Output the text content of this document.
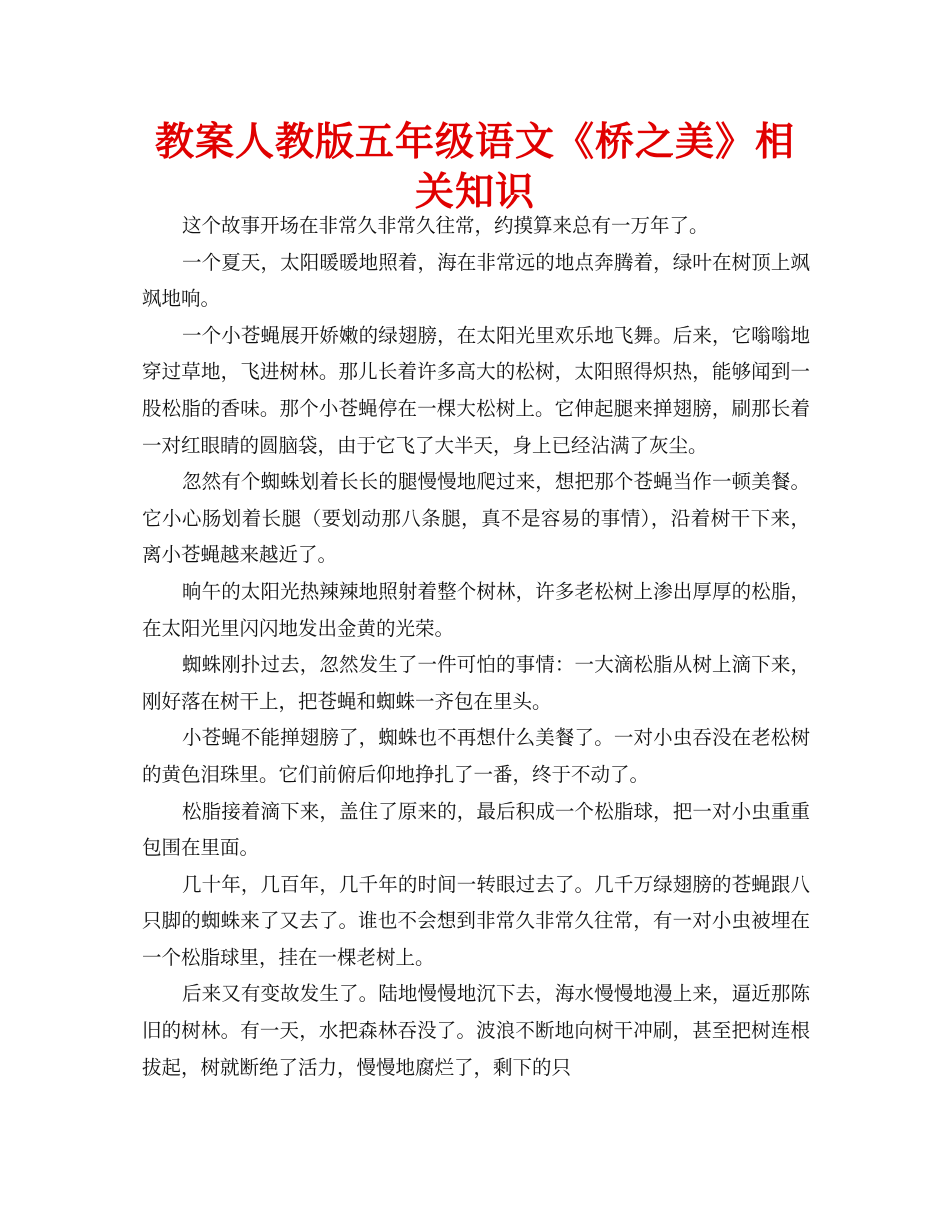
教案人教版五年级语文《桥之美》相关知识

这个故事开场在非常久非常久往常，约摸算来总有一万年了。

一个夏天，太阳暖暖地照着，海在非常远的地点奔腾着，绿叶在树顶上飒飒地响。

一个小苍蝇展开娇嫩的绿翅膀，在太阳光里欢乐地飞舞。后来，它嗡嗡地穿过草地，飞进树林。那儿长着许多高大的松树，太阳照得炽热，能够闻到一股松脂的香味。那个小苍蝇停在一棵大松树上。它伸起腿来掸翅膀，刷那长着一对红眼睛的圆脑袋，由于它飞了大半天，身上已经沾满了灰尘。

忽然有个蜘蛛划着长长的腿慢慢地爬过来，想把那个苍蝇当作一顿美餐。它小心肠划着长腿（要划动那八条腿，真不是容易的事情），沿着树干下来，离小苍蝇越来越近了。

晌午的太阳光热辣辣地照射着整个树林，许多老松树上渗出厚厚的松脂，在太阳光里闪闪地发出金黄的光荣。

蜘蛛刚扑过去，忽然发生了一件可怕的事情：一大滴松脂从树上滴下来，刚好落在树干上，把苍蝇和蜘蛛一齐包在里头。

小苍蝇不能掸翅膀了，蜘蛛也不再想什么美餐了。一对小虫吞没在老松树的黄色泪珠里。它们前俯后仰地挣扎了一番，终于不动了。

松脂接着滴下来，盖住了原来的，最后积成一个松脂球，把一对小虫重重包围在里面。

几十年，几百年，几千年的时间一转眼过去了。几千万绿翅膀的苍蝇跟八只脚的蜘蛛来了又去了。谁也不会想到非常久非常久往常，有一对小虫被埋在一个松脂球里，挂在一棵老树上。

后来又有变故发生了。陆地慢慢地沉下去，海水慢慢地漫上来，逼近那陈旧的树林。有一天，水把森林吞没了。波浪不断地向树干冲刷，甚至把树连根拔起，树就断绝了活力，慢慢地腐烂了，剩下的只
